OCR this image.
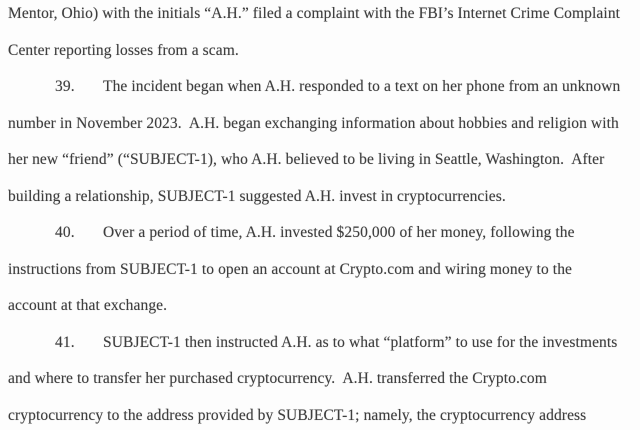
Mentor, Ohio) with the initials “A.H.” filed a complaint with the FBI’s Internet Crime Complaint
Center reporting losses from a scam.
39. The incident began when A.H. responded to a text on her phone from an unknown
number in November 2023.  A.H. began exchanging information about hobbies and religion with
her new “friend” (“SUBJECT-1), who A.H. believed to be living in Seattle, Washington.  After
building a relationship, SUBJECT-1 suggested A.H. invest in cryptocurrencies.
40. Over a period of time, A.H. invested $250,000 of her money, following the
instructions from SUBJECT-1 to open an account at Crypto.com and wiring money to the
account at that exchange.
41. SUBJECT-1 then instructed A.H. as to what “platform” to use for the investments
and where to transfer her purchased cryptocurrency.  A.H. transferred the Crypto.com
cryptocurrency to the address provided by SUBJECT-1; namely, the cryptocurrency address
